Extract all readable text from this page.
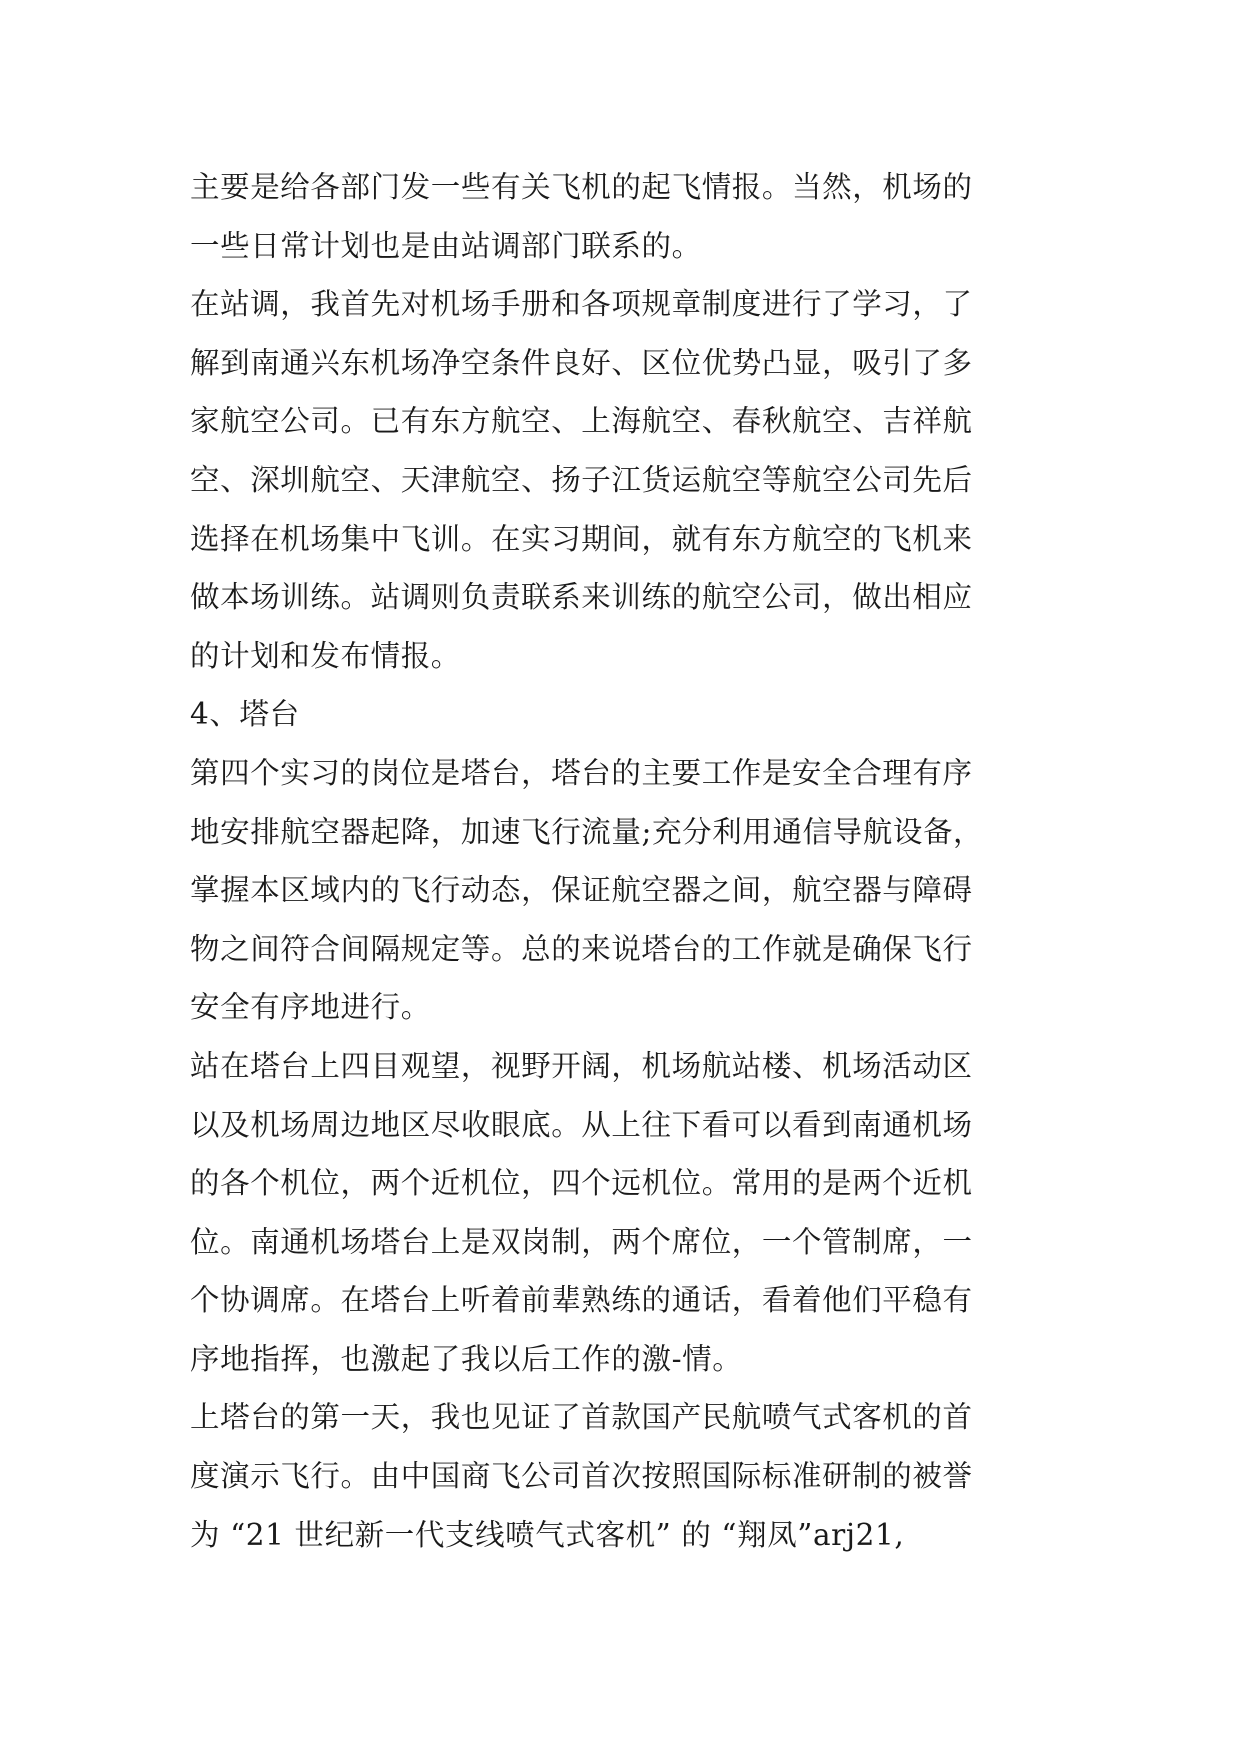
主要是给各部门发一些有关飞机的起飞情报。当然，机场的
一些日常计划也是由站调部门联系的。
在站调，我首先对机场手册和各项规章制度进行了学习，了
解到南通兴东机场净空条件良好、区位优势凸显，吸引了多
家航空公司。已有东方航空、上海航空、春秋航空、吉祥航
空、深圳航空、天津航空、扬子江货运航空等航空公司先后
选择在机场集中飞训。在实习期间，就有东方航空的飞机来
做本场训练。站调则负责联系来训练的航空公司，做出相应
的计划和发布情报。
4、塔台
第四个实习的岗位是塔台，塔台的主要工作是安全合理有序
地安排航空器起降，加速飞行流量;充分利用通信导航设备，
掌握本区域内的飞行动态，保证航空器之间，航空器与障碍
物之间符合间隔规定等。总的来说塔台的工作就是确保飞行
安全有序地进行。
站在塔台上四目观望，视野开阔，机场航站楼、机场活动区
以及机场周边地区尽收眼底。从上往下看可以看到南通机场
的各个机位，两个近机位，四个远机位。常用的是两个近机
位。南通机场塔台上是双岗制，两个席位，一个管制席，一
个协调席。在塔台上听着前辈熟练的通话，看着他们平稳有
序地指挥，也激起了我以后工作的激-情。
上塔台的第一天，我也见证了首款国产民航喷气式客机的首
度演示飞行。由中国商飞公司首次按照国际标准研制的被誉
为 “21 世纪新一代支线喷气式客机” 的 “翔凤”arj21,
